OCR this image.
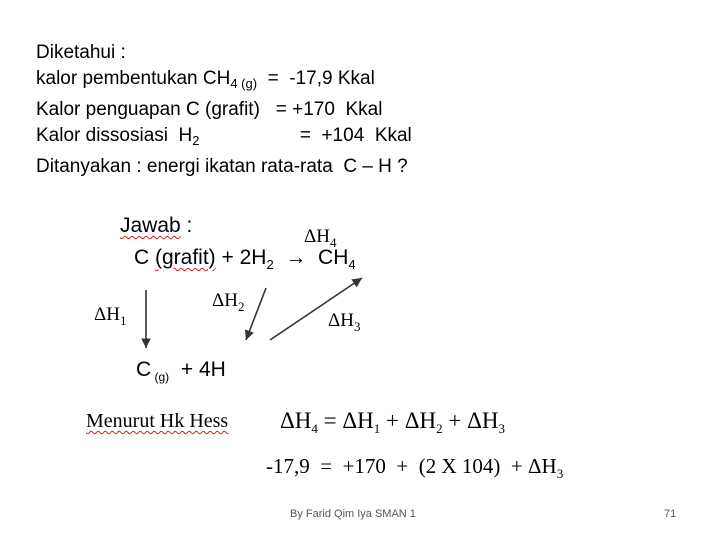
Diketahui :
kalor pembentukan $CH_{4 (g)} = -17,9$ Kkal
Kalor penguapan C (grafit)   = +170  Kkal
Kalor dissosiasi  $H_2$                   =  +104  Kkal
Ditanyakan : energi ikatan rata-rata  C – H ?
Jawab :
C (grafit) + $2H_2 \to CH_4$
C $_{(g)}$  + 4H
$\Delta H_4$
$\Delta H_1$
$\Delta H_2$
$\Delta H_3$
Menurut Hk Hess $\Delta H_4 = \Delta H_1 + \Delta H_2 + \Delta H_3$
-17,9  =  +170  +  (2 X $104) + \Delta H_3$
By Farid Qim Iya SMAN 1	71
